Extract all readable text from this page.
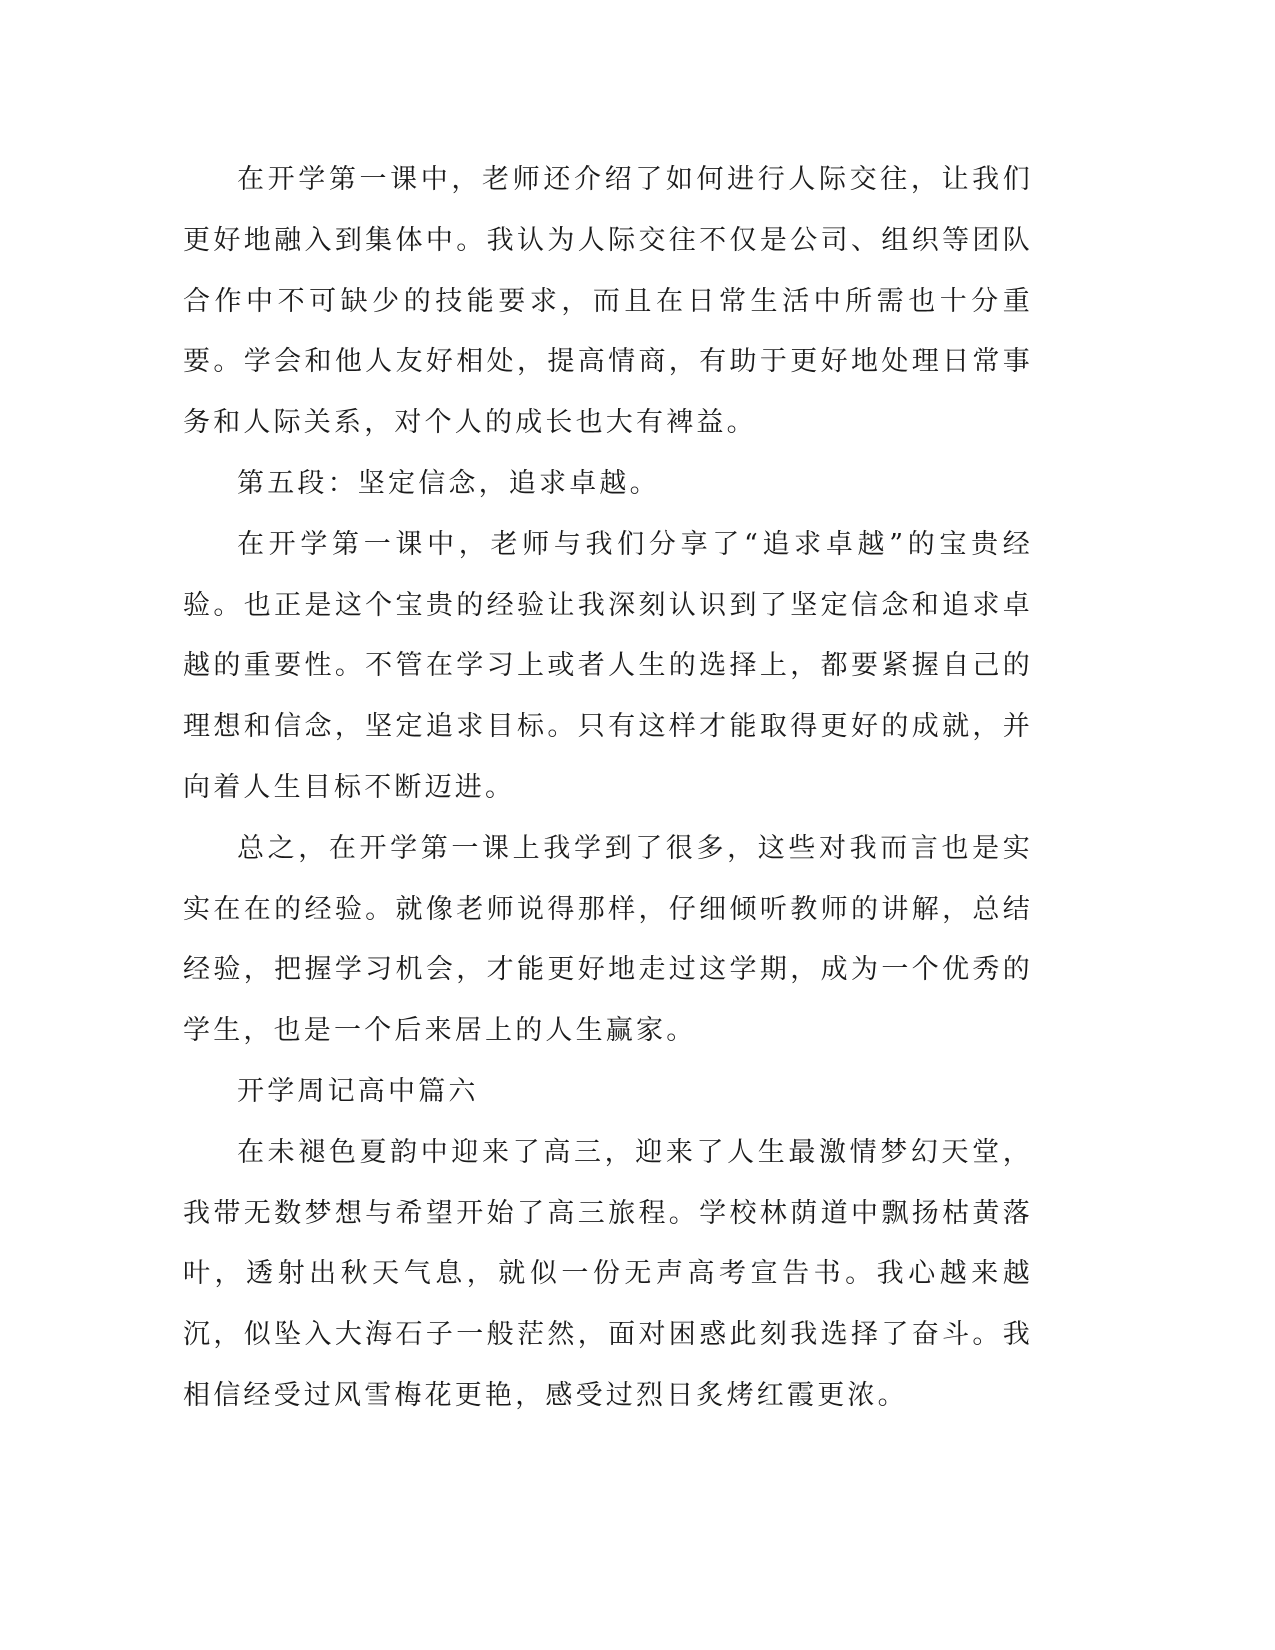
在开学第一课中，老师还介绍了如何进行人际交往，让我们更好地融入到集体中。我认为人际交往不仅是公司、组织等团队合作中不可缺少的技能要求，而且在日常生活中所需也十分重要。学会和他人友好相处，提高情商，有助于更好地处理日常事务和人际关系，对个人的成长也大有裨益。

第五段：坚定信念，追求卓越。

在开学第一课中，老师与我们分享了“追求卓越”的宝贵经验。也正是这个宝贵的经验让我深刻认识到了坚定信念和追求卓越的重要性。不管在学习上或者人生的选择上，都要紧握自己的理想和信念，坚定追求目标。只有这样才能取得更好的成就，并向着人生目标不断迈进。

总之，在开学第一课上我学到了很多，这些对我而言也是实实在在的经验。就像老师说得那样，仔细倾听教师的讲解，总结经验，把握学习机会，才能更好地走过这学期，成为一个优秀的学生，也是一个后来居上的人生赢家。

开学周记高中篇六

在未褪色夏韵中迎来了高三，迎来了人生最激情梦幻天堂，我带无数梦想与希望开始了高三旅程。学校林荫道中飘扬枯黄落叶，透射出秋天气息，就似一份无声高考宣告书。我心越来越沉，似坠入大海石子一般茫然，面对困惑此刻我选择了奋斗。我相信经受过风雪梅花更艳，感受过烈日炙烤红霞更浓。
